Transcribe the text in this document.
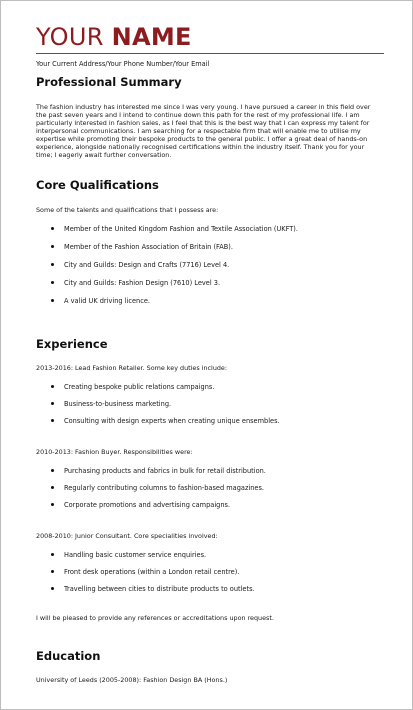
YOUR NAME
Your Current Address/Your Phone Number/Your Email
Professional Summary

The fashion industry has interested me since I was very young. I have pursued a career in this field over the past seven years and I intend to continue down this path for the rest of my professional life. I am particularly interested in fashion sales, as I feel that this is the best way that I can express my talent for interpersonal communications. I am searching for a respectable firm that will enable me to utilise my expertise while promoting their bespoke products to the general public. I offer a great deal of hands-on experience, alongside nationally recognised certifications within the industry itself. Thank you for your time; I eagerly await further conversation.

Core Qualifications
Some of the talents and qualifications that I possess are:
Member of the United Kingdom Fashion and Textile Association (UKFT).
Member of the Fashion Association of Britain (FAB).
City and Guilds: Design and Crafts (7716) Level 4.
City and Guilds: Fashion Design (7610) Level 3.
A valid UK driving licence.
Experience
2013-2016: Lead Fashion Retailer. Some key duties include:
Creating bespoke public relations campaigns.
Business-to-business marketing.
Consulting with design experts when creating unique ensembles.
2010-2013: Fashion Buyer. Responsibilities were:
Purchasing products and fabrics in bulk for retail distribution.
Regularly contributing columns to fashion-based magazines.
Corporate promotions and advertising campaigns.
2008-2010: Junior Consultant. Core specialities involved:
Handling basic customer service enquiries.
Front desk operations (within a London retail centre).
Travelling between cities to distribute products to outlets.
I will be pleased to provide any references or accreditations upon request.
Education
University of Leeds (2005-2008): Fashion Design BA (Hons.)
